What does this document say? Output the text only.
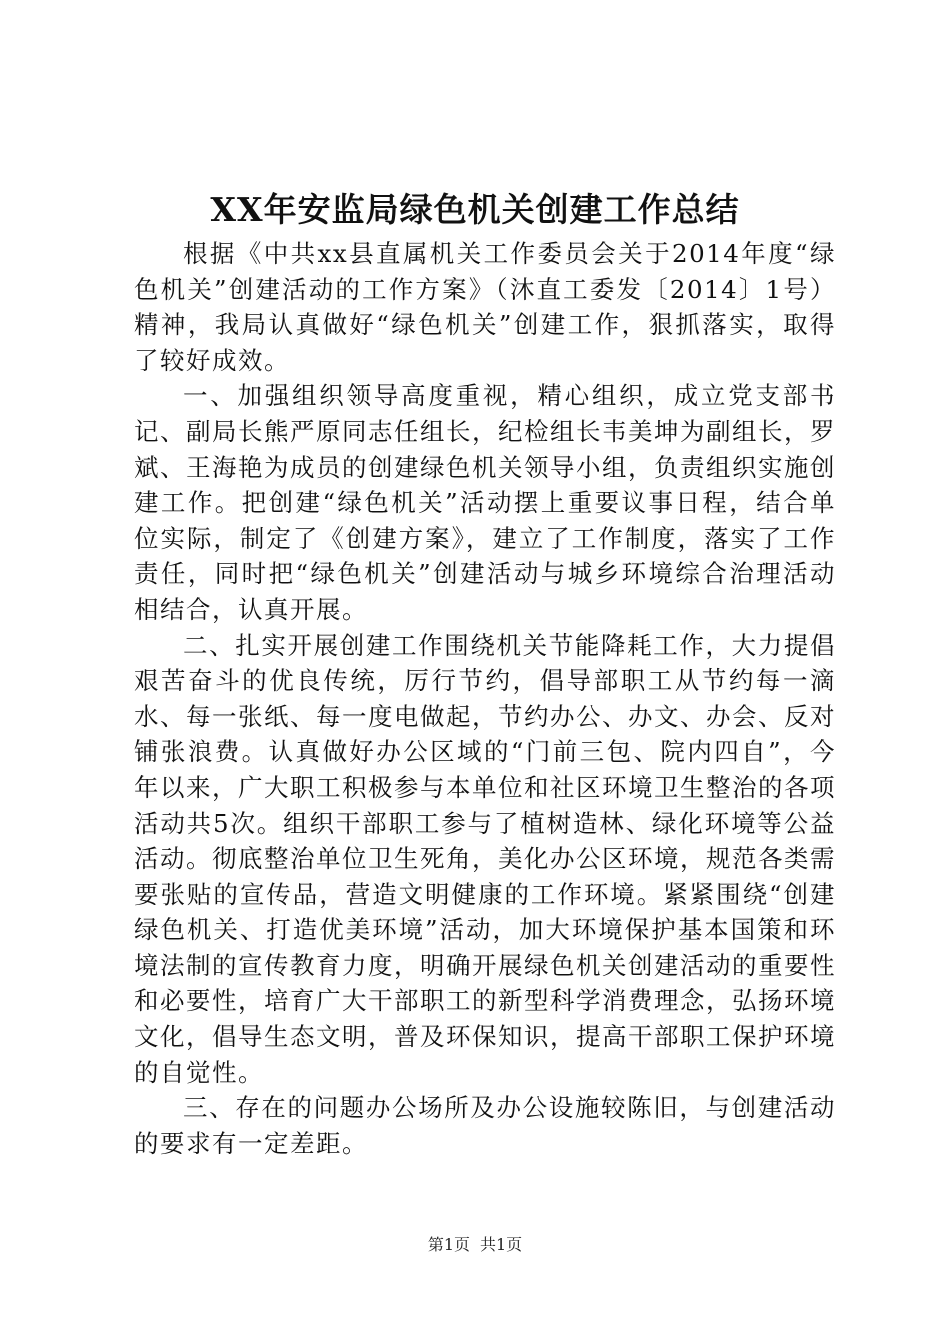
XX年安监局绿色机关创建工作总结

根据《中共xx县直属机关工作委员会关于2014年度“绿色机关”创建活动的工作方案》（沐直工委发〔2014〕1号）精神，我局认真做好“绿色机关”创建工作，狠抓落实，取得了较好成效。

一、加强组织领导高度重视，精心组织，成立党支部书记、副局长熊严原同志任组长，纪检组长韦美坤为副组长，罗斌、王海艳为成员的创建绿色机关领导小组，负责组织实施创建工作。把创建“绿色机关”活动摆上重要议事日程，结合单位实际，制定了《创建方案》，建立了工作制度，落实了工作责任，同时把“绿色机关”创建活动与城乡环境综合治理活动相结合，认真开展。

二、扎实开展创建工作围绕机关节能降耗工作，大力提倡艰苦奋斗的优良传统，厉行节约，倡导部职工从节约每一滴水、每一张纸、每一度电做起，节约办公、办文、办会、反对铺张浪费。认真做好办公区域的“门前三包、院内四自”，今年以来，广大职工积极参与本单位和社区环境卫生整治的各项活动共5次。组织干部职工参与了植树造林、绿化环境等公益活动。彻底整治单位卫生死角，美化办公区环境，规范各类需要张贴的宣传品，营造文明健康的工作环境。紧紧围绕“创建绿色机关、打造优美环境”活动，加大环境保护基本国策和环境法制的宣传教育力度，明确开展绿色机关创建活动的重要性和必要性，培育广大干部职工的新型科学消费理念，弘扬环境文化，倡导生态文明，普及环保知识，提高干部职工保护环境的自觉性。

三、存在的问题办公场所及办公设施较陈旧，与创建活动的要求有一定差距。

第1页 共1页
